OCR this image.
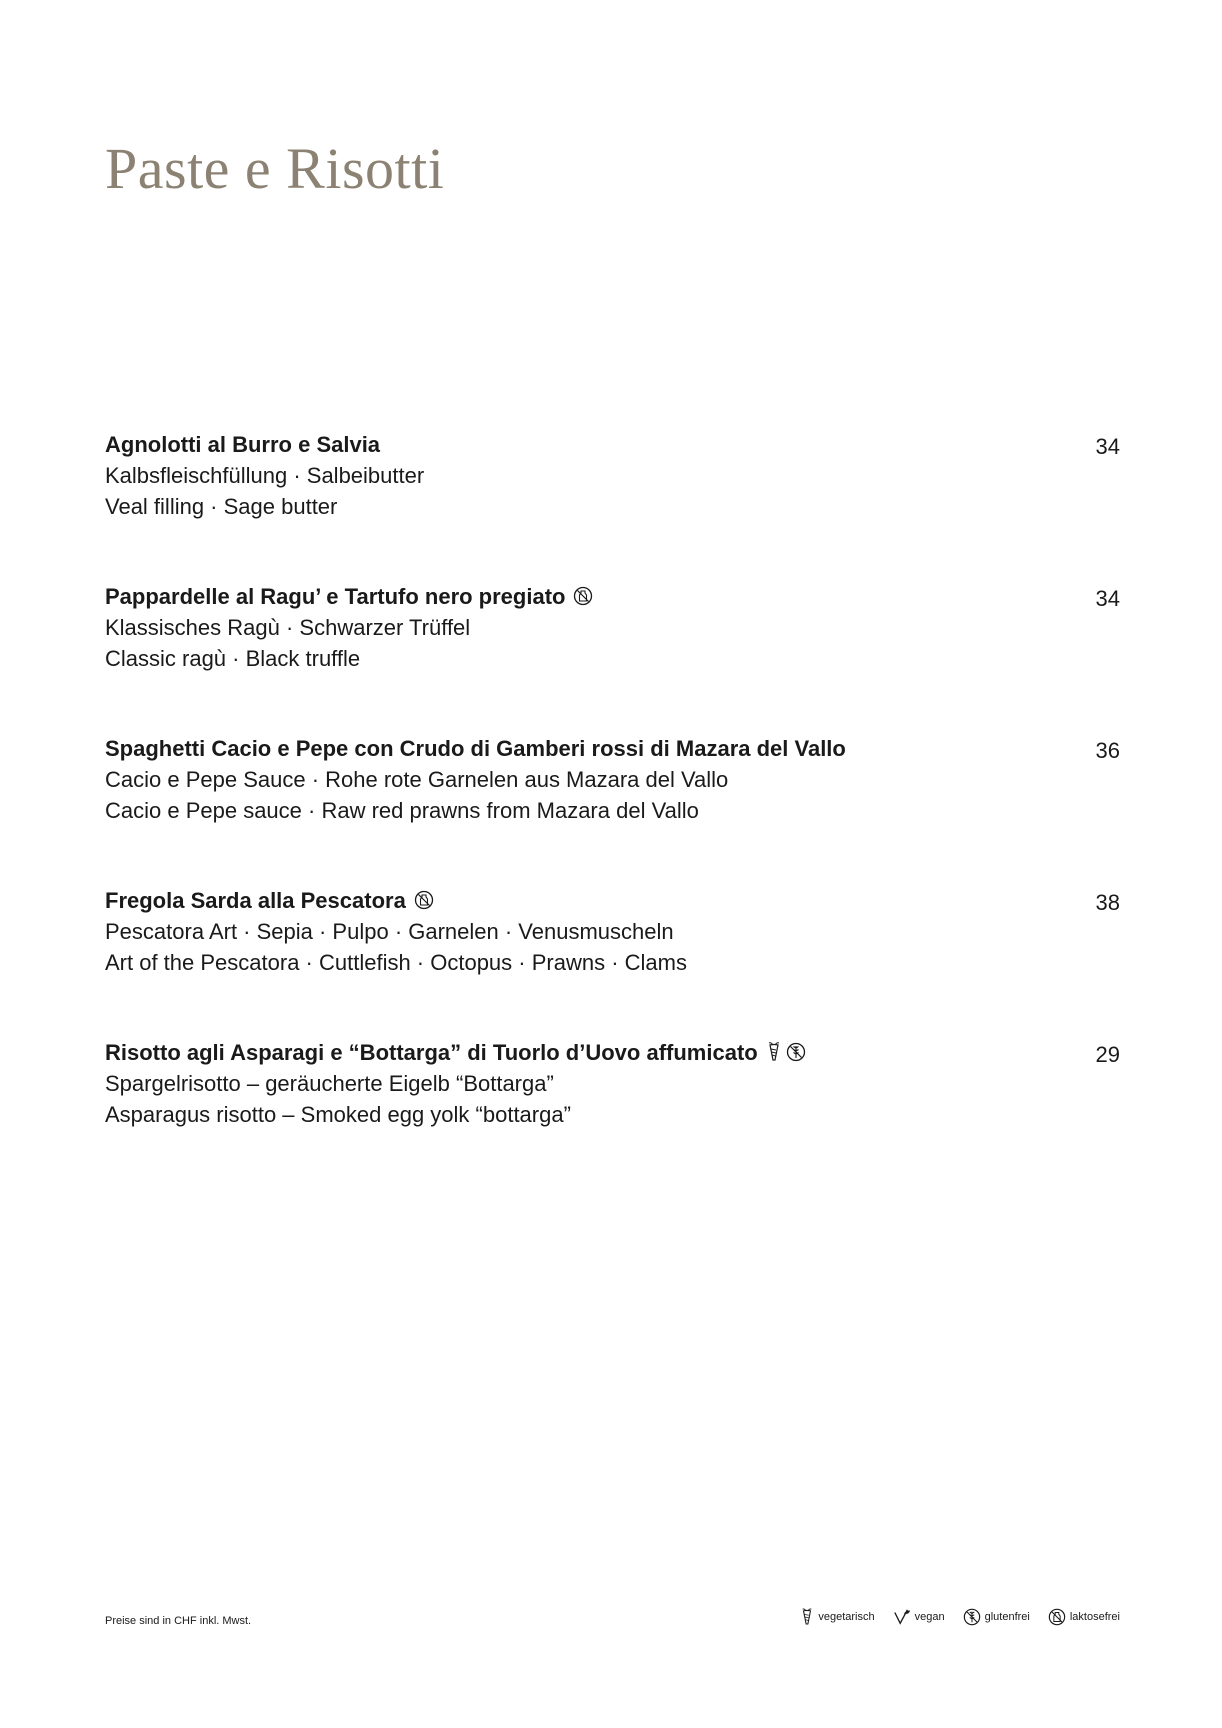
Paste e Risotti
Agnolotti al Burro e Salvia
Kalbsfleischfüllung · Salbeibutter
Veal filling · Sage butter
34
Pappardelle al Ragu’ e Tartufo nero pregiato
Klassisches Ragù · Schwarzer Trüffel
Classic ragù · Black truffle
34
Spaghetti Cacio e Pepe con Crudo di Gamberi rossi di Mazara del Vallo
Cacio e Pepe Sauce · Rohe rote Garnelen aus Mazara del Vallo
Cacio e Pepe sauce · Raw red prawns from Mazara del Vallo
36
Fregola Sarda alla Pescatora
Pescatora Art · Sepia · Pulpo · Garnelen · Venusmuscheln
Art of the Pescatora · Cuttlefish · Octopus · Prawns · Clams
38
Risotto agli Asparagi e “Bottarga” di Tuorlo d’Uovo affumicato
Spargelrisotto – geräucherte Eigelb “Bottarga”
Asparagus risotto – Smoked egg yolk “bottarga”
29
Preise sind in CHF inkl. Mwst.	vegetarisch	vegan	glutenfrei	laktosefrei
